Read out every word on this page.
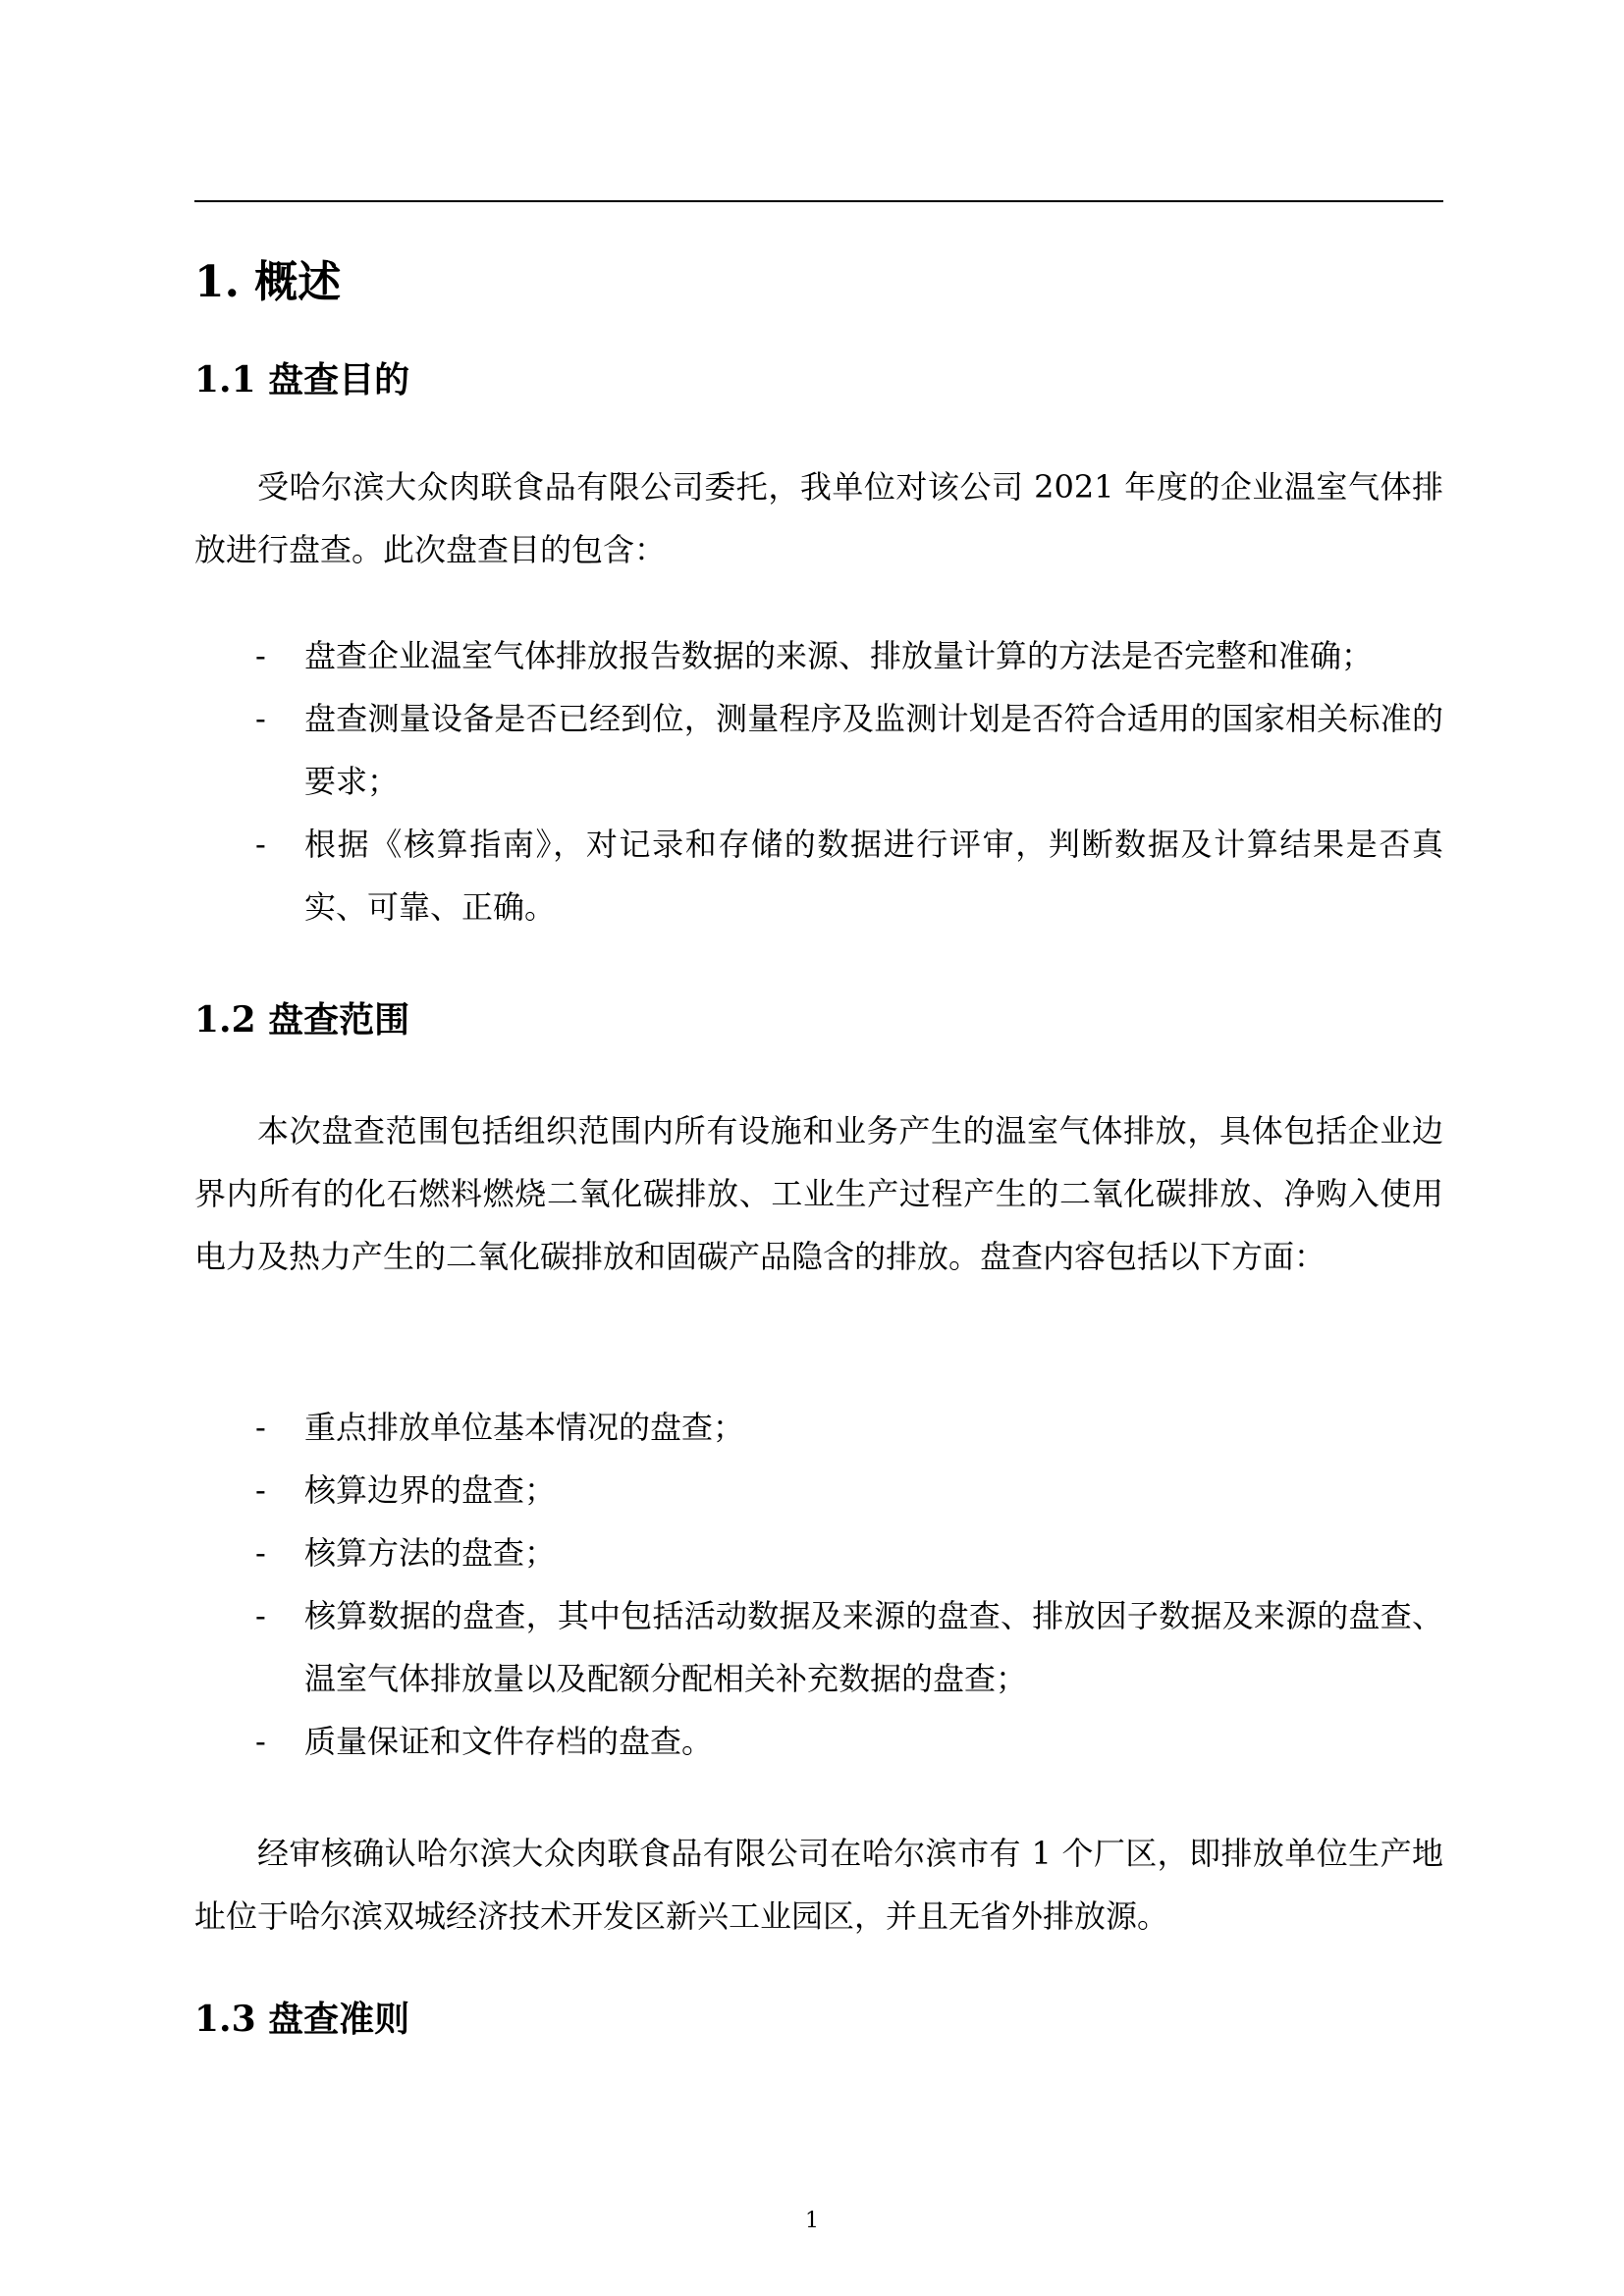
1. 概述
1.1 盘查目的

受哈尔滨大众肉联食品有限公司委托，我单位对该公司 2021 年度的企业温室气体排放进行盘查。此次盘查目的包含：

- 盘查企业温室气体排放报告数据的来源、排放量计算的方法是否完整和准确；
- 盘查测量设备是否已经到位，测量程序及监测计划是否符合适用的国家相关标准的要求；
- 根据《核算指南》，对记录和存储的数据进行评审，判断数据及计算结果是否真实、可靠、正确。
1.2 盘查范围

本次盘查范围包括组织范围内所有设施和业务产生的温室气体排放，具体包括企业边界内所有的化石燃料燃烧二氧化碳排放、工业生产过程产生的二氧化碳排放、净购入使用电力及热力产生的二氧化碳排放和固碳产品隐含的排放。盘查内容包括以下方面：

- 重点排放单位基本情况的盘查；
- 核算边界的盘查；
- 核算方法的盘查；
- 核算数据的盘查，其中包括活动数据及来源的盘查、排放因子数据及来源的盘查、温室气体排放量以及配额分配相关补充数据的盘查；
- 质量保证和文件存档的盘查。

经审核确认哈尔滨大众肉联食品有限公司在哈尔滨市有 1 个厂区，即排放单位生产地址位于哈尔滨双城经济技术开发区新兴工业园区，并且无省外排放源。

1.3 盘查准则
1
